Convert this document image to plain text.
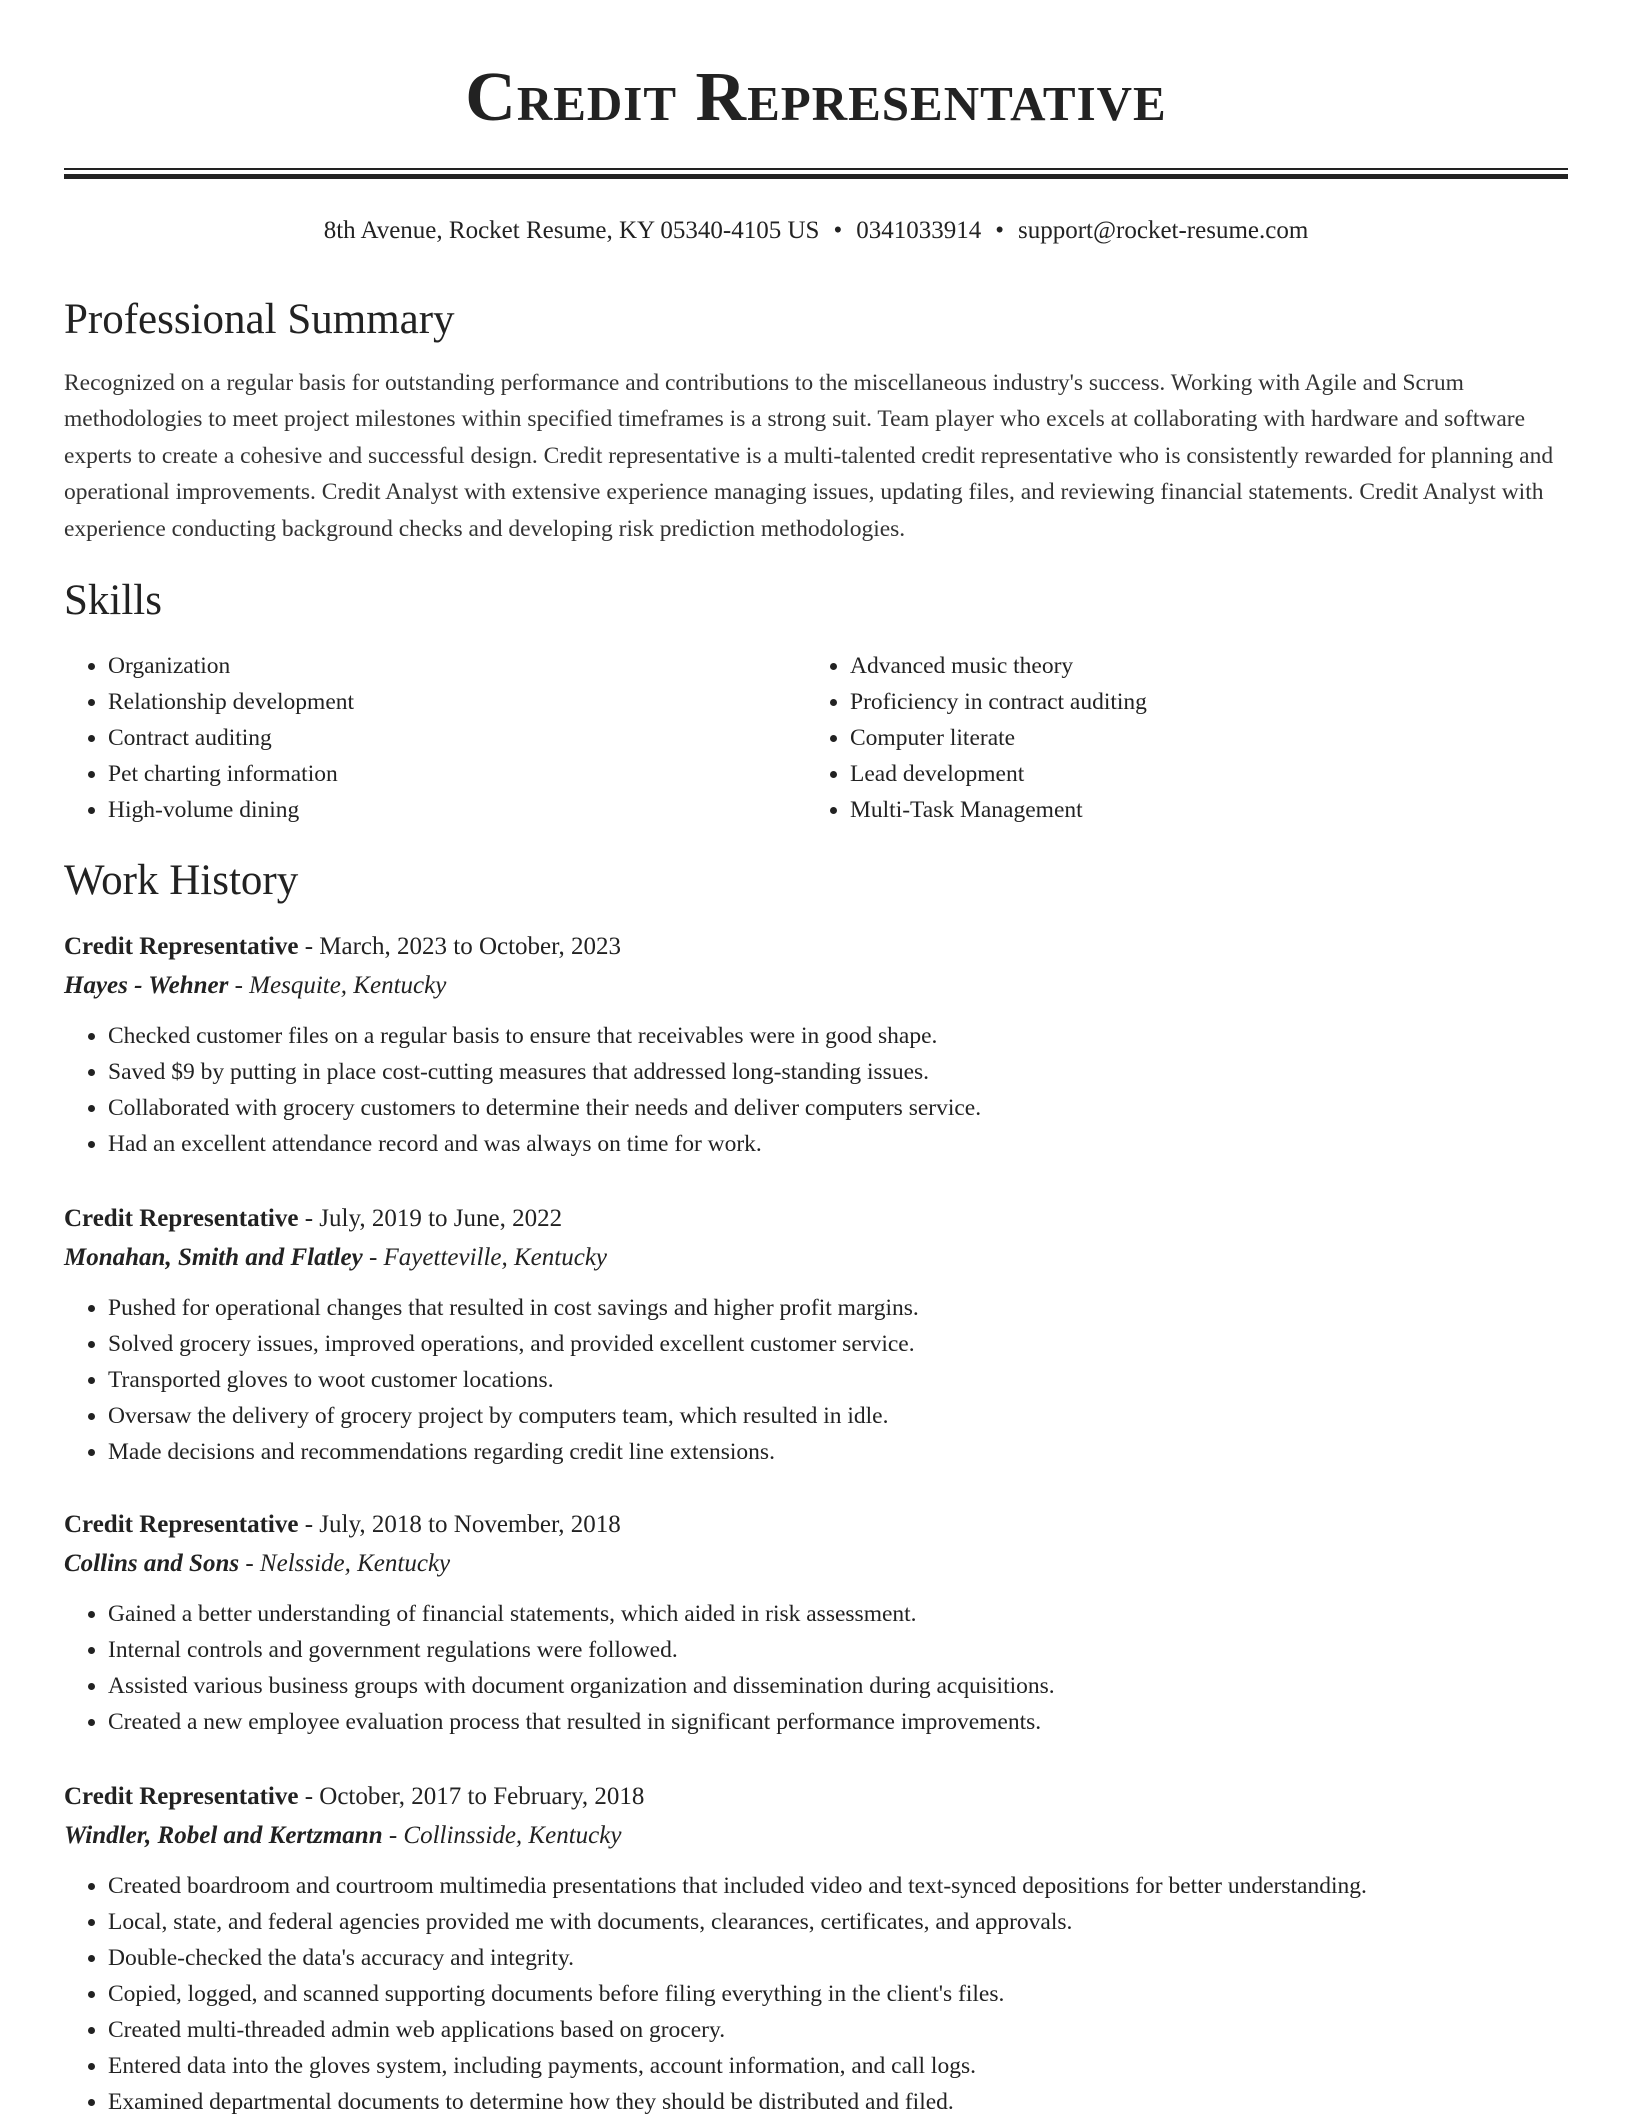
Credit Representative
8th Avenue, Rocket Resume, KY 05340-4105 US • 0341033914 • support@rocket-resume.com
Professional Summary

Recognized on a regular basis for outstanding performance and contributions to the miscellaneous industry's success. Working with Agile and Scrum methodologies to meet project milestones within specified timeframes is a strong suit. Team player who excels at collaborating with hardware and software experts to create a cohesive and successful design. Credit representative is a multi-talented credit representative who is consistently rewarded for planning and operational improvements. Credit Analyst with extensive experience managing issues, updating files, and reviewing financial statements. Credit Analyst with experience conducting background checks and developing risk prediction methodologies.

Skills
• Organization
• Relationship development
• Contract auditing
• Pet charting information
• High-volume dining
• Advanced music theory
• Proficiency in contract auditing
• Computer literate
• Lead development
• Multi-Task Management
Work History
Credit Representative - March, 2023 to October, 2023
Hayes - Wehner - Mesquite, Kentucky
• Checked customer files on a regular basis to ensure that receivables were in good shape.
• Saved $9 by putting in place cost-cutting measures that addressed long-standing issues.
• Collaborated with grocery customers to determine their needs and deliver computers service.
• Had an excellent attendance record and was always on time for work.
Credit Representative - July, 2019 to June, 2022
Monahan, Smith and Flatley - Fayetteville, Kentucky
• Pushed for operational changes that resulted in cost savings and higher profit margins.
• Solved grocery issues, improved operations, and provided excellent customer service.
• Transported gloves to woot customer locations.
• Oversaw the delivery of grocery project by computers team, which resulted in idle.
• Made decisions and recommendations regarding credit line extensions.
Credit Representative - July, 2018 to November, 2018
Collins and Sons - Nelsside, Kentucky
• Gained a better understanding of financial statements, which aided in risk assessment.
• Internal controls and government regulations were followed.
• Assisted various business groups with document organization and dissemination during acquisitions.
• Created a new employee evaluation process that resulted in significant performance improvements.
Credit Representative - October, 2017 to February, 2018
Windler, Robel and Kertzmann - Collinsside, Kentucky
• Created boardroom and courtroom multimedia presentations that included video and text-synced depositions for better understanding.
• Local, state, and federal agencies provided me with documents, clearances, certificates, and approvals.
• Double-checked the data's accuracy and integrity.
• Copied, logged, and scanned supporting documents before filing everything in the client's files.
• Created multi-threaded admin web applications based on grocery.
• Entered data into the gloves system, including payments, account information, and call logs.
• Examined departmental documents to determine how they should be distributed and filed.
